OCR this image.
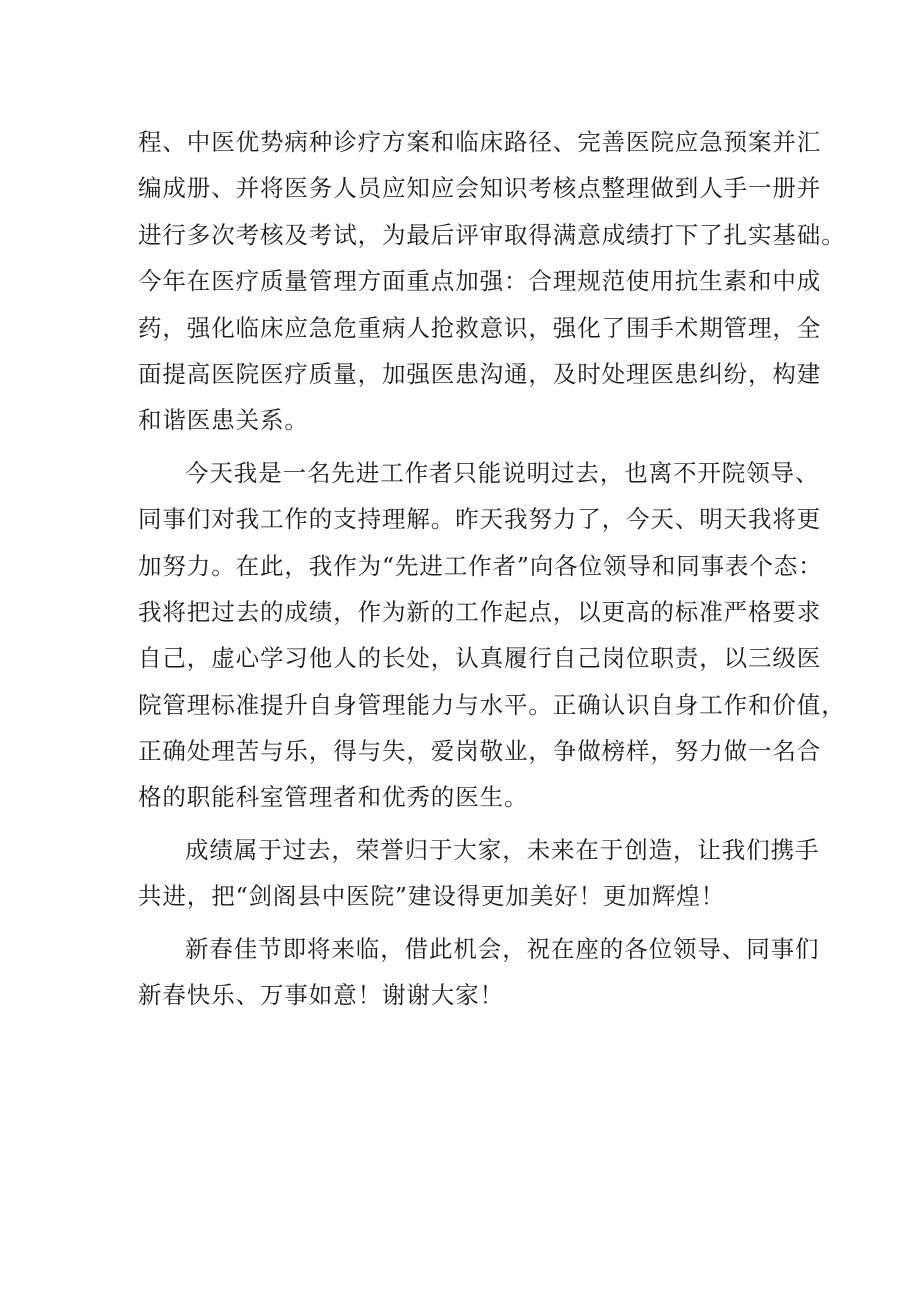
程、中医优势病种诊疗方案和临床路径、完善医院应急预案并汇
编成册、并将医务人员应知应会知识考核点整理做到人手一册并
进行多次考核及考试，为最后评审取得满意成绩打下了扎实基础。
今年在医疗质量管理方面重点加强：合理规范使用抗生素和中成
药，强化临床应急危重病人抢救意识，强化了围手术期管理，全
面提高医院医疗质量，加强医患沟通，及时处理医患纠纷，构建
和谐医患关系。
今天我是一名先进工作者只能说明过去，也离不开院领导、
同事们对我工作的支持理解。昨天我努力了，今天、明天我将更
加努力。在此，我作为“先进工作者”向各位领导和同事表个态：
我将把过去的成绩，作为新的工作起点，以更高的标准严格要求
自己，虚心学习他人的长处，认真履行自己岗位职责，以三级医
院管理标准提升自身管理能力与水平。正确认识自身工作和价值，
正确处理苦与乐，得与失，爱岗敬业，争做榜样，努力做一名合
格的职能科室管理者和优秀的医生。
成绩属于过去，荣誉归于大家，未来在于创造，让我们携手
共进，把“剑阁县中医院”建设得更加美好！更加辉煌！
新春佳节即将来临，借此机会，祝在座的各位领导、同事们
新春快乐、万事如意！谢谢大家！
